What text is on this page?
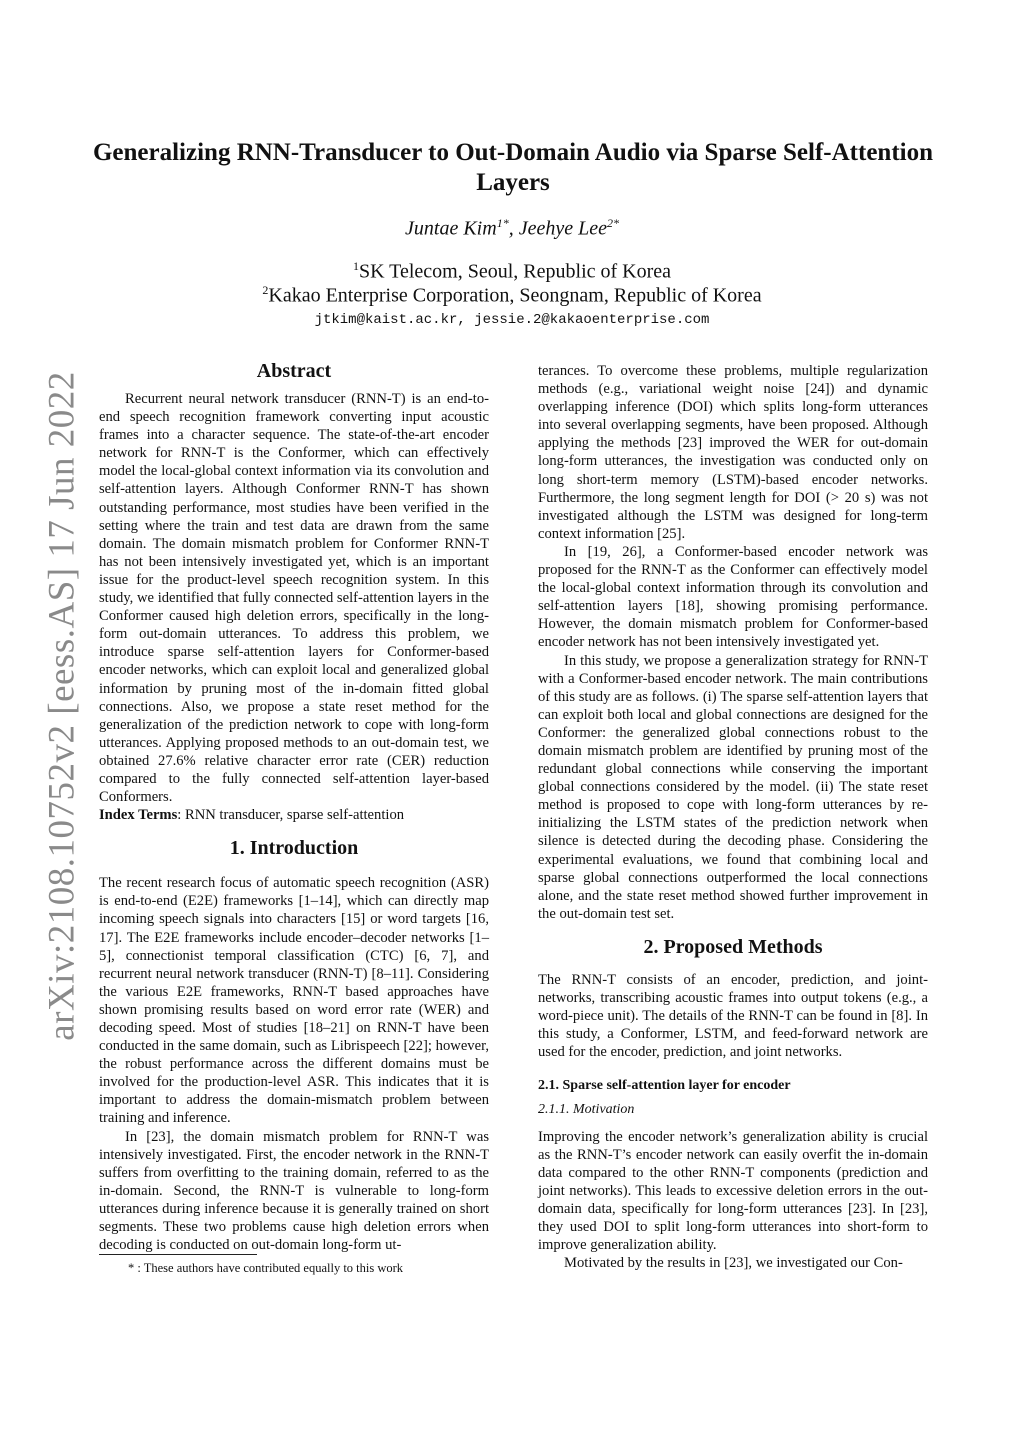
arXiv:2108.10752v2 [eess.AS] 17 Jun 2022
Generalizing RNN-Transducer to Out-Domain Audio via Sparse Self-Attention Layers
Juntae Kim$^{1*}$, Jeehye Lee$^{2*}$
$^1$SK Telecom, Seoul, Republic of Korea
$^2$Kakao Enterprise Corporation, Seongnam, Republic of Korea
jtkim@kaist.ac.kr, jessie.2@kakaoenterprise.com
Abstract

Recurrent neural network transducer (RNN-T) is an end-to-end speech recognition framework converting input acoustic frames into a character sequence. The state-of-the-art encoder network for RNN-T is the Conformer, which can effectively model the local-global context information via its convolution and self-attention layers. Although Conformer RNN-T has shown outstanding performance, most studies have been verified in the setting where the train and test data are drawn from the same domain. The domain mismatch problem for Conformer RNN-T has not been intensively investigated yet, which is an important issue for the product-level speech recognition system. In this study, we identified that fully connected self-attention layers in the Conformer caused high deletion errors, specifically in the long-form out-domain utterances. To address this problem, we introduce sparse self-attention layers for Conformer-based encoder networks, which can exploit local and generalized global information by pruning most of the in-domain fitted global connections. Also, we propose a state reset method for the generalization of the prediction network to cope with long-form utterances. Applying proposed methods to an out-domain test, we obtained 27.6% relative character error rate (CER) reduction compared to the fully connected self-attention layer-based Conformers.

Index Terms: RNN transducer, sparse self-attention

1. Introduction

The recent research focus of automatic speech recognition (ASR) is end-to-end (E2E) frameworks [1–14], which can directly map incoming speech signals into characters [15] or word targets [16, 17]. The E2E frameworks include encoder–decoder networks [1–5], connectionist temporal classification (CTC) [6, 7], and recurrent neural network transducer (RNN-T) [8–11]. Considering the various E2E frameworks, RNN-T based approaches have shown promising results based on word error rate (WER) and decoding speed. Most of studies [18–21] on RNN-T have been conducted in the same domain, such as Librispeech [22]; however, the robust performance across the different domains must be involved for the production-level ASR. This indicates that it is important to address the domain-mismatch problem between training and inference.

In [23], the domain mismatch problem for RNN-T was intensively investigated. First, the encoder network in the RNN-T suffers from overfitting to the training domain, referred to as the in-domain. Second, the RNN-T is vulnerable to long-form utterances during inference because it is generally trained on short segments. These two problems cause high deletion errors when decoding is conducted on out-domain long-form ut-

terances. To overcome these problems, multiple regularization methods (e.g., variational weight noise [24]) and dynamic overlapping inference (DOI) which splits long-form utterances into several overlapping segments, have been proposed. Although applying the methods [23] improved the WER for out-domain long-form utterances, the investigation was conducted only on long short-term memory (LSTM)-based encoder networks. Furthermore, the long segment length for DOI (> 20 s) was not investigated although the LSTM was designed for long-term context information [25].

In [19, 26], a Conformer-based encoder network was proposed for the RNN-T as the Conformer can effectively model the local-global context information through its convolution and self-attention layers [18], showing promising performance. However, the domain mismatch problem for Conformer-based encoder network has not been intensively investigated yet.

In this study, we propose a generalization strategy for RNN-T with a Conformer-based encoder network. The main contributions of this study are as follows. (i) The sparse self-attention layers that can exploit both local and global connections are designed for the Conformer: the generalized global connections robust to the domain mismatch problem are identified by pruning most of the redundant global connections while conserving the important global connections considered by the model. (ii) The state reset method is proposed to cope with long-form utterances by re-initializing the LSTM states of the prediction network when silence is detected during the decoding phase. Considering the experimental evaluations, we found that combining local and sparse global connections outperformed the local connections alone, and the state reset method showed further improvement in the out-domain test set.

2. Proposed Methods

The RNN-T consists of an encoder, prediction, and joint-networks, transcribing acoustic frames into output tokens (e.g., a word-piece unit). The details of the RNN-T can be found in [8]. In this study, a Conformer, LSTM, and feed-forward network are used for the encoder, prediction, and joint networks.

2.1. Sparse self-attention layer for encoder
2.1.1. Motivation

Improving the encoder network’s generalization ability is crucial as the RNN-T’s encoder network can easily overfit the in-domain data compared to the other RNN-T components (prediction and joint networks). This leads to excessive deletion errors in the out-domain data, specifically for long-form utterances [23]. In [23], they used DOI to split long-form utterances into short-form to improve generalization ability.

Motivated by the results in [23], we investigated our Con-

* : These authors have contributed equally to this work
